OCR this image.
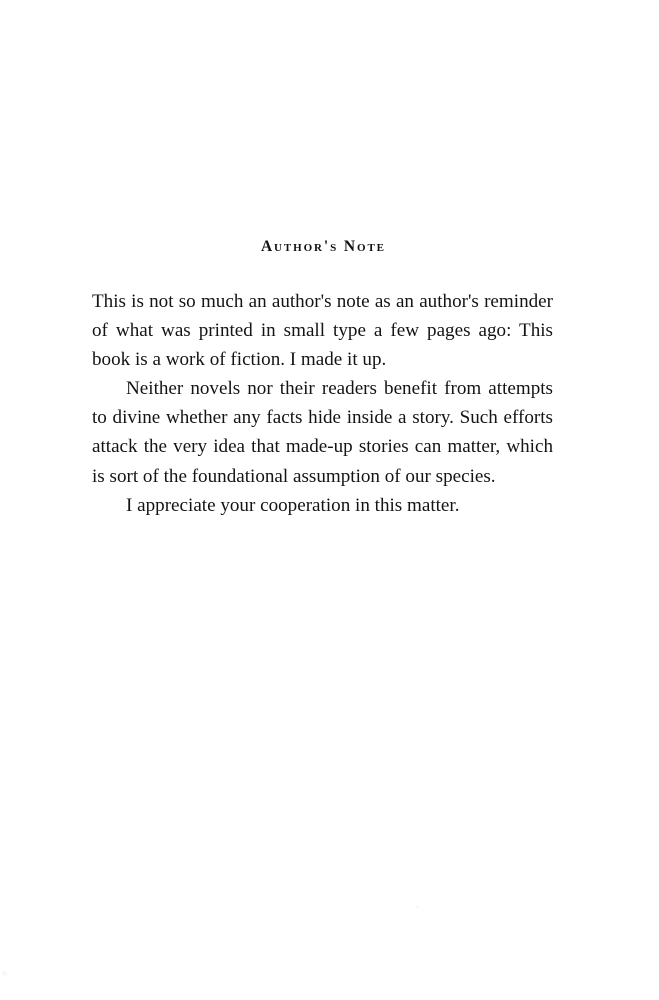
Author's Note

This is not so much an author's note as an author's reminder of what was printed in small type a few pages ago: This book is a work of fiction. I made it up.

Neither novels nor their readers benefit from attempts to divine whether any facts hide inside a story. Such efforts attack the very idea that made-up stories can matter, which is sort of the foundational assumption of our species.

I appreciate your cooperation in this matter.
